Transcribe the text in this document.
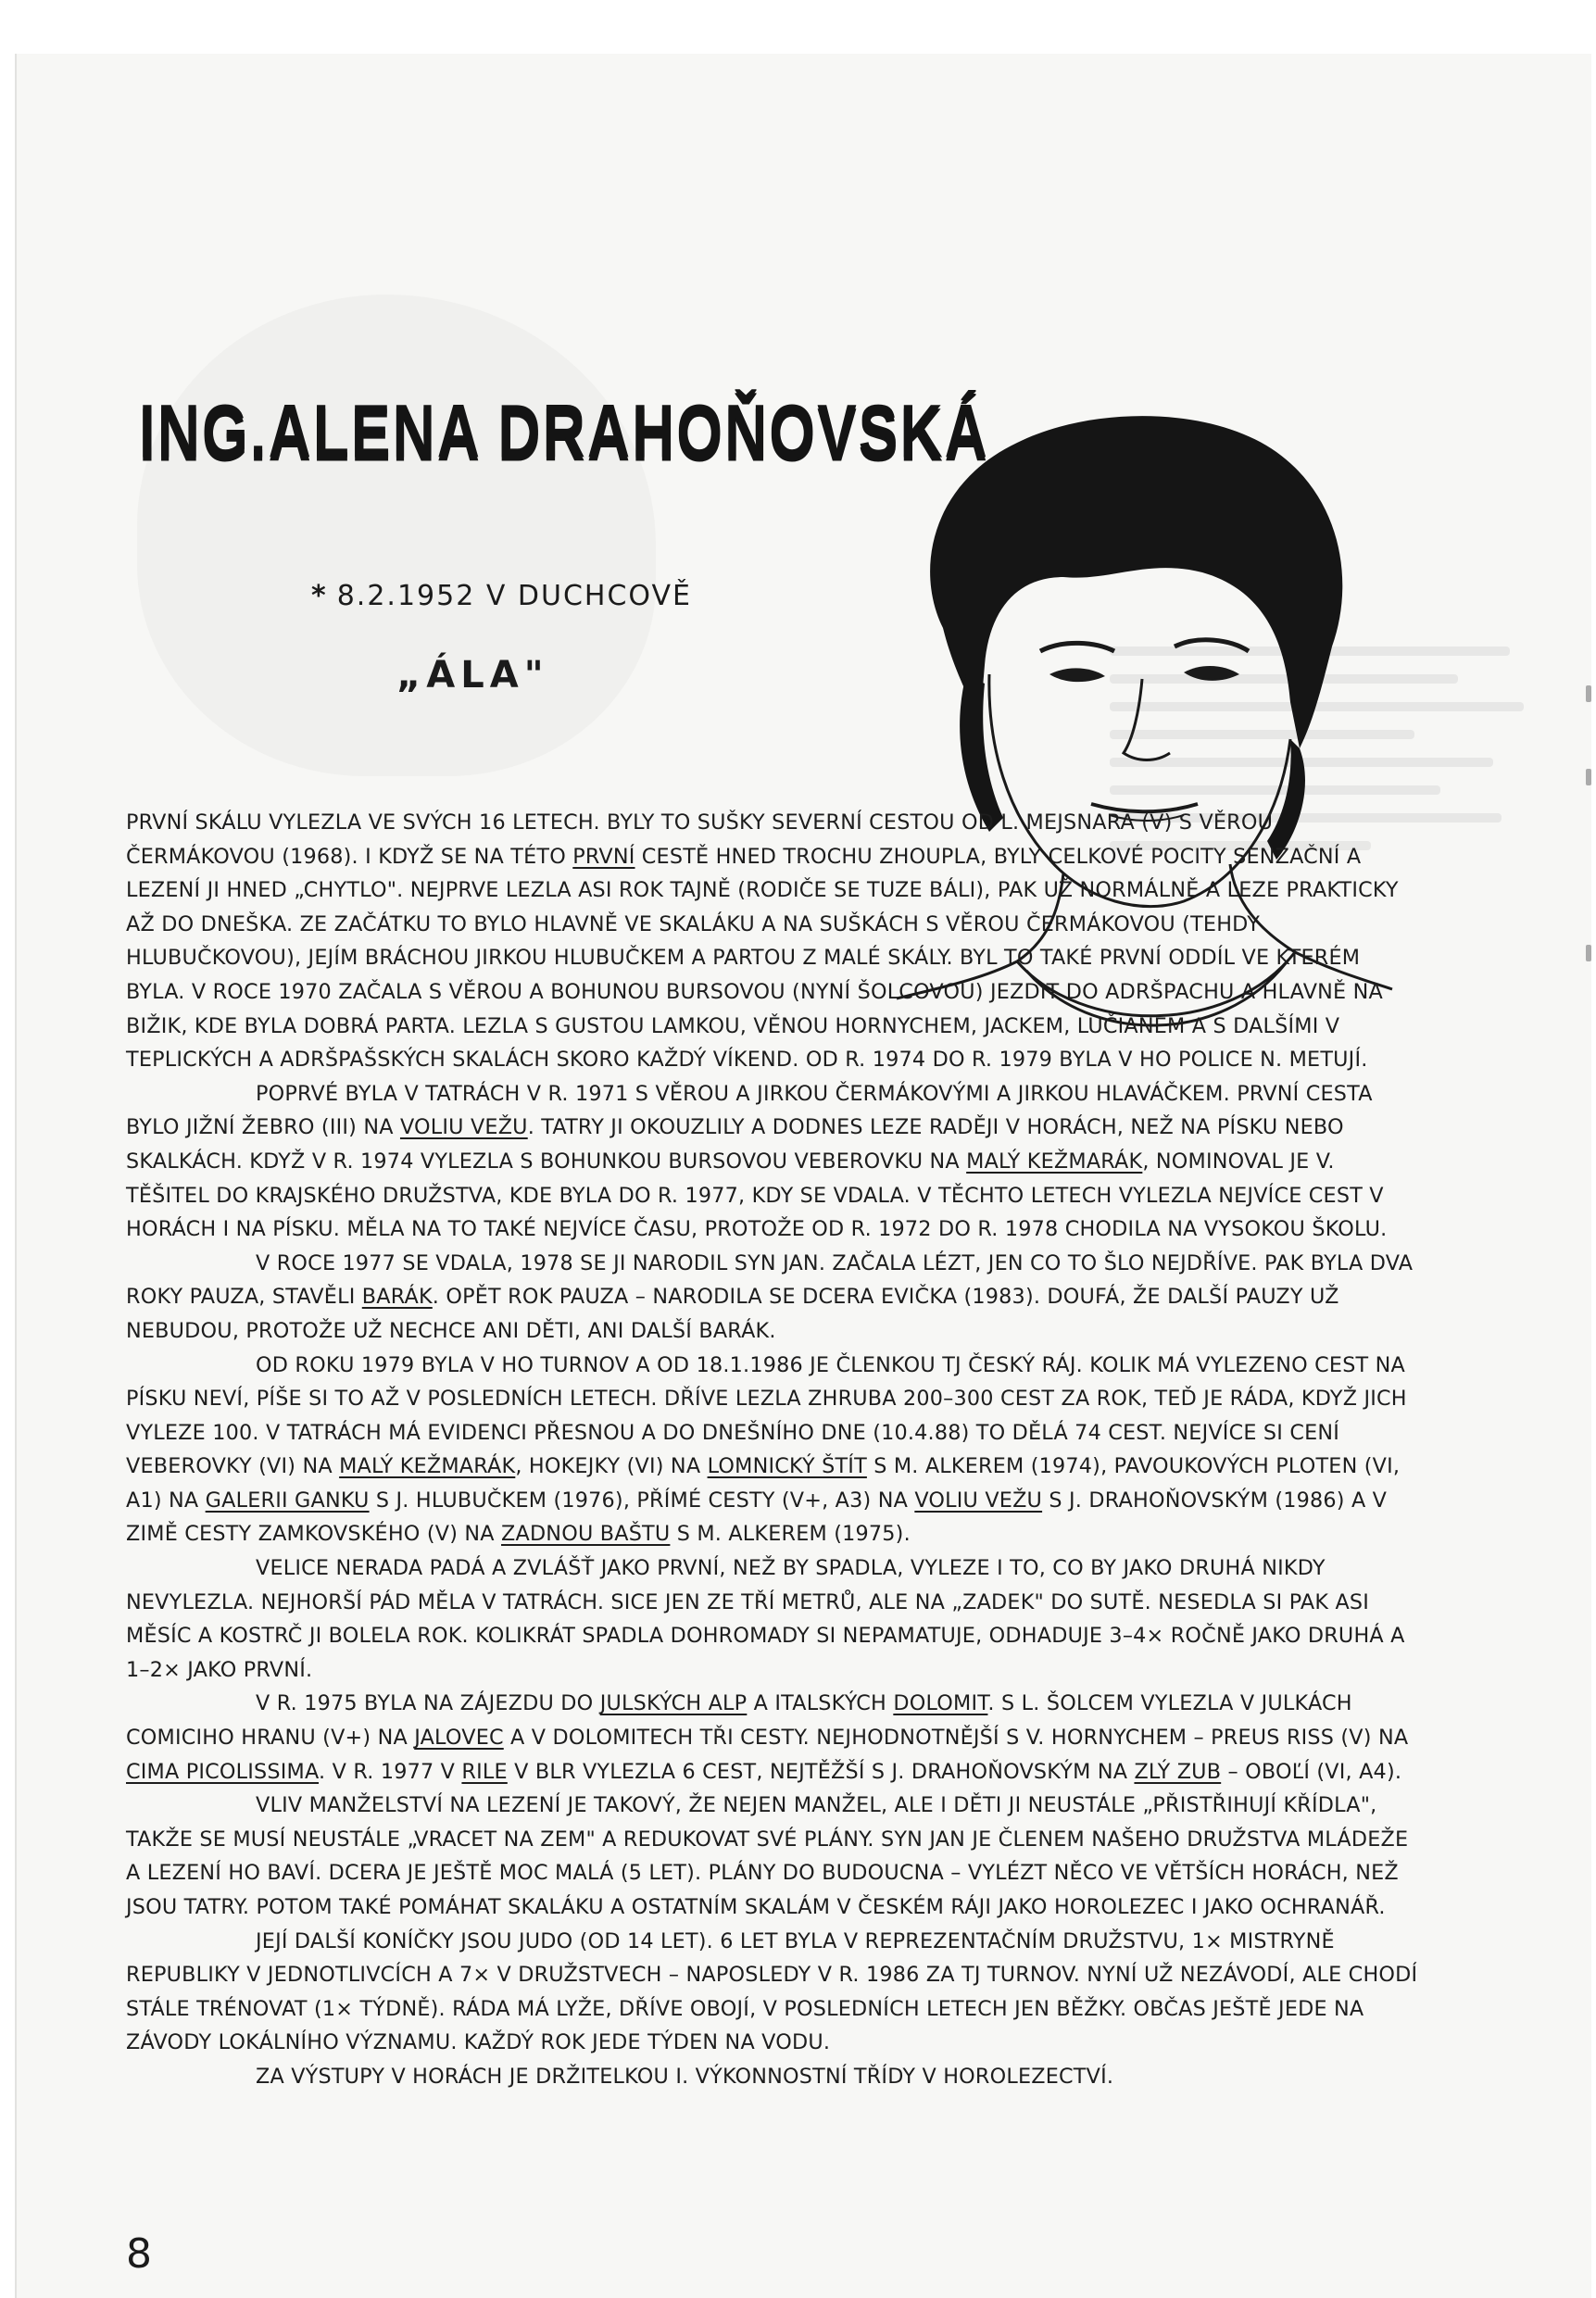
ING.ALENA DRAHOŇOVSKÁ
* 8.2.1952 V DUCHCOVĚ
„ÁLA"

PRVNÍ SKÁLU VYLEZLA VE SVÝCH 16 LETECH. BYLY TO SUŠKY SEVERNÍ CESTOU OD L. MEJSNARA (V) S VĚROU ČERMÁKOVOU (1968). I KDYŽ SE NA TÉTO PRVNÍ CESTĚ HNED TROCHU ZHOUPLA, BYLY CELKOVÉ POCITY SENZAČNÍ A LEZENÍ JI HNED „CHYTLO". NEJPRVE LEZLA ASI ROK TAJNĚ (RODIČE SE TUZE BÁLI), PAK UŽ NORMÁLNĚ A LEZE PRAKTICKY AŽ DO DNEŠKA. ZE ZAČÁTKU TO BYLO HLAVNĚ VE SKALÁKU A NA SUŠKÁCH S VĚROU ČERMÁKOVOU (TEHDY HLUBUČKOVOU), JEJÍM BRÁCHOU JIRKOU HLUBUČKEM A PARTOU Z MALÉ SKÁLY. BYL TO TAKÉ PRVNÍ ODDÍL VE KTERÉM BYLA. V ROCE 1970 ZAČALA S VĚROU A BOHUNOU BURSOVOU (NYNÍ ŠOLCOVOU) JEZDIT DO ADRŠPACHU A HLAVNĚ NA BIŽIK, KDE BYLA DOBRÁ PARTA. LEZLA S GUSTOU LAMKOU, VĚNOU HORNYCHEM, JACKEM, LUČIANEM A S DALŠÍMI V TEPLICKÝCH A ADRŠPAŠSKÝCH SKALÁCH SKORO KAŽDÝ VÍKEND. OD R. 1974 DO R. 1979 BYLA V HO POLICE N. METUJÍ.

POPRVÉ BYLA V TATRÁCH V R. 1971 S VĚROU A JIRKOU ČERMÁKOVÝMI A JIRKOU HLAVÁČKEM. PRVNÍ CESTA BYLO JIŽNÍ ŽEBRO (III) NA VOLIU VEŽU. TATRY JI OKOUZLILY A DODNES LEZE RADĚJI V HORÁCH, NEŽ NA PÍSKU NEBO SKALKÁCH. KDYŽ V R. 1974 VYLEZLA S BOHUNKOU BURSOVOU VEBEROVKU NA MALÝ KEŽMARÁK, NOMINOVAL JE V. TĚŠITEL DO KRAJSKÉHO DRUŽSTVA, KDE BYLA DO R. 1977, KDY SE VDALA. V TĚCHTO LETECH VYLEZLA NEJVÍCE CEST V HORÁCH I NA PÍSKU. MĚLA NA TO TAKÉ NEJVÍCE ČASU, PROTOŽE OD R. 1972 DO R. 1978 CHODILA NA VYSOKOU ŠKOLU.

V ROCE 1977 SE VDALA, 1978 SE JI NARODIL SYN JAN. ZAČALA LÉZT, JEN CO TO ŠLO NEJDŘÍVE. PAK BYLA DVA ROKY PAUZA, STAVĚLI BARÁK. OPĚT ROK PAUZA – NARODILA SE DCERA EVIČKA (1983). DOUFÁ, ŽE DALŠÍ PAUZY UŽ NEBUDOU, PROTOŽE UŽ NECHCE ANI DĚTI, ANI DALŠÍ BARÁK.

OD ROKU 1979 BYLA V HO TURNOV A OD 18.1.1986 JE ČLENKOU TJ ČESKÝ RÁJ. KOLIK MÁ VYLEZENO CEST NA PÍSKU NEVÍ, PÍŠE SI TO AŽ V POSLEDNÍCH LETECH. DŘÍVE LEZLA ZHRUBA 200–300 CEST ZA ROK, TEĎ JE RÁDA, KDYŽ JICH VYLEZE 100. V TATRÁCH MÁ EVIDENCI PŘESNOU A DO DNEŠNÍHO DNE (10.4.88) TO DĚLÁ 74 CEST. NEJVÍCE SI CENÍ VEBEROVKY (VI) NA MALÝ KEŽMARÁK, HOKEJKY (VI) NA LOMNICKÝ ŠTÍT S M. ALKEREM (1974), PAVOUKOVÝCH PLOTEN (VI, A1) NA GALERII GANKU S J. HLUBUČKEM (1976), PŘÍMÉ CESTY (V+, A3) NA VOLIU VEŽU S J. DRAHOŇOVSKÝM (1986) A V ZIMĚ CESTY ZAMKOVSKÉHO (V) NA ZADNOU BAŠTU S M. ALKEREM (1975).

VELICE NERADA PADÁ A ZVLÁŠŤ JAKO PRVNÍ, NEŽ BY SPADLA, VYLEZE I TO, CO BY JAKO DRUHÁ NIKDY NEVYLEZLA. NEJHORŠÍ PÁD MĚLA V TATRÁCH. SICE JEN ZE TŘÍ METRŮ, ALE NA „ZADEK" DO SUTĚ. NESEDLA SI PAK ASI MĚSÍC A KOSTRČ JI BOLELA ROK. KOLIKRÁT SPADLA DOHROMADY SI NEPAMATUJE, ODHADUJE 3–4× ROČNĚ JAKO DRUHÁ A 1–2× JAKO PRVNÍ.

V R. 1975 BYLA NA ZÁJEZDU DO JULSKÝCH ALP A ITALSKÝCH DOLOMIT. S L. ŠOLCEM VYLEZLA V JULKÁCH COMICIHO HRANU (V+) NA JALOVEC A V DOLOMITECH TŘI CESTY. NEJHODNOTNĚJŠÍ S V. HORNYCHEM – PREUS RISS (V) NA CIMA PICOLISSIMA. V R. 1977 V RILE V BLR VYLEZLA 6 CEST, NEJTĚŽŠÍ S J. DRAHOŇOVSKÝM NA ZLÝ ZUB – OBOĽÍ (VI, A4).

VLIV MANŽELSTVÍ NA LEZENÍ JE TAKOVÝ, ŽE NEJEN MANŽEL, ALE I DĚTI JI NEUSTÁLE „PŘISTŘIHUJÍ KŘÍDLA", TAKŽE SE MUSÍ NEUSTÁLE „VRACET NA ZEM" A REDUKOVAT SVÉ PLÁNY. SYN JAN JE ČLENEM NAŠEHO DRUŽSTVA MLÁDEŽE A LEZENÍ HO BAVÍ. DCERA JE JEŠTĚ MOC MALÁ (5 LET). PLÁNY DO BUDOUCNA – VYLÉZT NĚCO VE VĚTŠÍCH HORÁCH, NEŽ JSOU TATRY. POTOM TAKÉ POMÁHAT SKALÁKU A OSTATNÍM SKALÁM V ČESKÉM RÁJI JAKO HOROLEZEC I JAKO OCHRANÁŘ.

JEJÍ DALŠÍ KONÍČKY JSOU JUDO (OD 14 LET). 6 LET BYLA V REPREZENTAČNÍM DRUŽSTVU, 1× MISTRYNĚ REPUBLIKY V JEDNOTLIVCÍCH A 7× V DRUŽSTVECH – NAPOSLEDY V R. 1986 ZA TJ TURNOV. NYNÍ UŽ NEZÁVODÍ, ALE CHODÍ STÁLE TRÉNOVAT (1× TÝDNĚ). RÁDA MÁ LYŽE, DŘÍVE OBOJÍ, V POSLEDNÍCH LETECH JEN BĚŽKY. OBČAS JEŠTĚ JEDE NA ZÁVODY LOKÁLNÍHO VÝZNAMU. KAŽDÝ ROK JEDE TÝDEN NA VODU.

ZA VÝSTUPY V HORÁCH JE DRŽITELKOU I. VÝKONNOSTNÍ TŘÍDY V HOROLEZECTVÍ.

8
